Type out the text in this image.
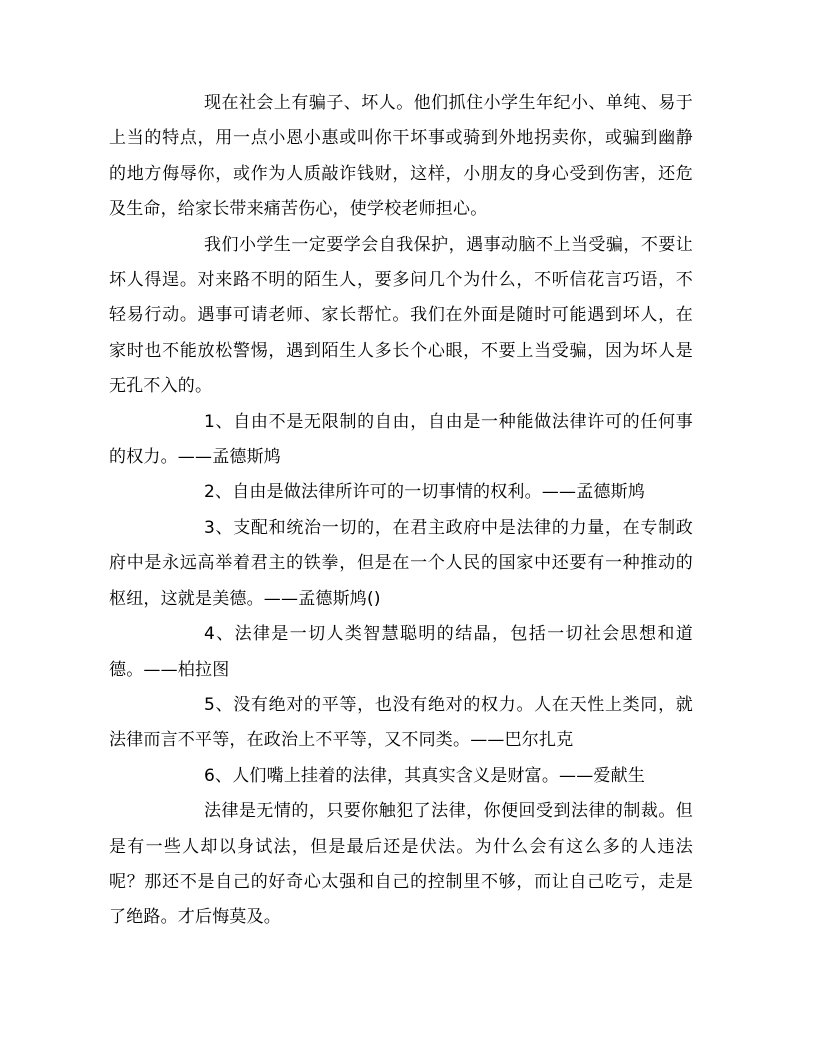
现在社会上有骗子、坏人。他们抓住小学生年纪小、单纯、易于上当的特点，用一点小恩小惠或叫你干坏事或骑到外地拐卖你，或骗到幽静的地方侮辱你，或作为人质敲诈钱财，这样，小朋友的身心受到伤害，还危及生命，给家长带来痛苦伤心，使学校老师担心。

我们小学生一定要学会自我保护，遇事动脑不上当受骗，不要让坏人得逞。对来路不明的陌生人，要多问几个为什么，不听信花言巧语，不轻易行动。遇事可请老师、家长帮忙。我们在外面是随时可能遇到坏人，在家时也不能放松警惕，遇到陌生人多长个心眼，不要上当受骗，因为坏人是无孔不入的。

1、自由不是无限制的自由，自由是一种能做法律许可的任何事的权力。——孟德斯鸠

2、自由是做法律所许可的一切事情的权利。——孟德斯鸠

3、支配和统治一切的，在君主政府中是法律的力量，在专制政府中是永远高举着君主的铁拳，但是在一个人民的国家中还要有一种推动的枢纽，这就是美德。——孟德斯鸠()

4、法律是一切人类智慧聪明的结晶，包括一切社会思想和道德。——柏拉图

5、没有绝对的平等，也没有绝对的权力。人在天性上类同，就法律而言不平等，在政治上不平等，又不同类。——巴尔扎克

6、人们嘴上挂着的法律，其真实含义是财富。——爱献生

法律是无情的，只要你触犯了法律，你便回受到法律的制裁。但是有一些人却以身试法，但是最后还是伏法。为什么会有这么多的人违法呢？那还不是自己的好奇心太强和自己的控制里不够，而让自己吃亏，走是了绝路。才后悔莫及。
